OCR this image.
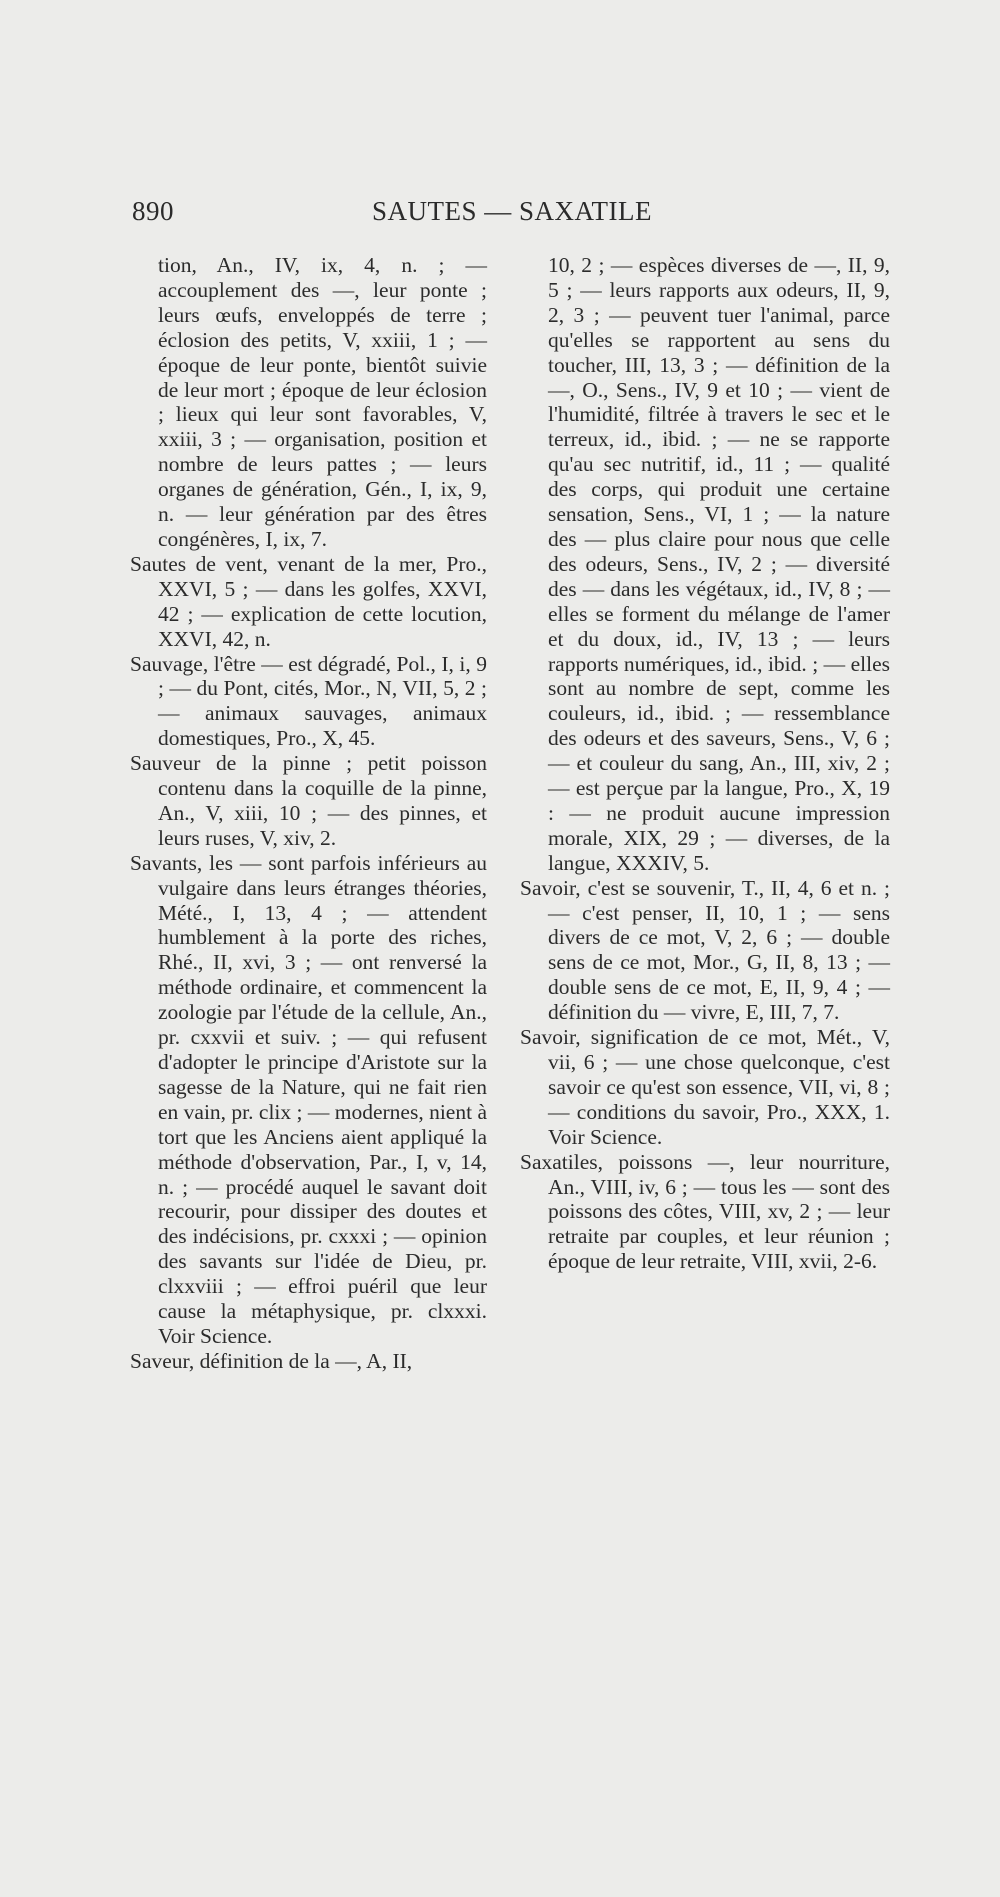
890	SAUTES — SAXATILE

tion, An., IV, ix, 4, n. ; — accouplement des —, leur ponte ; leurs œufs, enveloppés de terre ; éclosion des petits, V, xxiii, 1 ; — époque de leur ponte, bientôt suivie de leur mort ; époque de leur éclosion ; lieux qui leur sont favorables, V, xxiii, 3 ; — organisation, position et nombre de leurs pattes ; — leurs organes de génération, Gén., I, ix, 9, n. — leur génération par des êtres congénères, I, ix, 7.

Sautes de vent, venant de la mer, Pro., XXVI, 5 ; — dans les golfes, XXVI, 42 ; — explication de cette locution, XXVI, 42, n.

Sauvage, l'être — est dégradé, Pol., I, i, 9 ; — du Pont, cités, Mor., N, VII, 5, 2 ; — animaux sauvages, animaux domestiques, Pro., X, 45.

Sauveur de la pinne ; petit poisson contenu dans la coquille de la pinne, An., V, xiii, 10 ; — des pinnes, et leurs ruses, V, xiv, 2.

Savants, les — sont parfois inférieurs au vulgaire dans leurs étranges théories, Mété., I, 13, 4 ; — attendent humblement à la porte des riches, Rhé., II, xvi, 3 ; — ont renversé la méthode ordinaire, et commencent la zoologie par l'étude de la cellule, An., pr. cxxvii et suiv. ; — qui refusent d'adopter le principe d'Aristote sur la sagesse de la Nature, qui ne fait rien en vain, pr. clix ; — modernes, nient à tort que les Anciens aient appliqué la méthode d'observation, Par., I, v, 14, n. ; — procédé auquel le savant doit recourir, pour dissiper des doutes et des indécisions, pr. cxxxi ; — opinion des savants sur l'idée de Dieu, pr. clxxviii ; — effroi puéril que leur cause la métaphysique, pr. clxxxi. Voir Science.

Saveur, définition de la —, A, II,

10, 2 ; — espèces diverses de —, II, 9, 5 ; — leurs rapports aux odeurs, II, 9, 2, 3 ; — peuvent tuer l'animal, parce qu'elles se rapportent au sens du toucher, III, 13, 3 ; — définition de la —, O., Sens., IV, 9 et 10 ; — vient de l'humidité, filtrée à travers le sec et le terreux, id., ibid. ; — ne se rapporte qu'au sec nutritif, id., 11 ; — qualité des corps, qui produit une certaine sensation, Sens., VI, 1 ; — la nature des — plus claire pour nous que celle des odeurs, Sens., IV, 2 ; — diversité des — dans les végétaux, id., IV, 8 ; — elles se forment du mélange de l'amer et du doux, id., IV, 13 ; — leurs rapports numériques, id., ibid. ; — elles sont au nombre de sept, comme les couleurs, id., ibid. ; — ressemblance des odeurs et des saveurs, Sens., V, 6 ; — et couleur du sang, An., III, xiv, 2 ; — est perçue par la langue, Pro., X, 19 : — ne produit aucune impression morale, XIX, 29 ; — diverses, de la langue, XXXIV, 5.

Savoir, c'est se souvenir, T., II, 4, 6 et n. ; — c'est penser, II, 10, 1 ; — sens divers de ce mot, V, 2, 6 ; — double sens de ce mot, Mor., G, II, 8, 13 ; — double sens de ce mot, E, II, 9, 4 ; — définition du — vivre, E, III, 7, 7.

Savoir, signification de ce mot, Mét., V, vii, 6 ; — une chose quelconque, c'est savoir ce qu'est son essence, VII, vi, 8 ; — conditions du savoir, Pro., XXX, 1. Voir Science.

Saxatiles, poissons —, leur nourriture, An., VIII, iv, 6 ; — tous les — sont des poissons des côtes, VIII, xv, 2 ; — leur retraite par couples, et leur réunion ; époque de leur retraite, VIII, xvii, 2-6.
